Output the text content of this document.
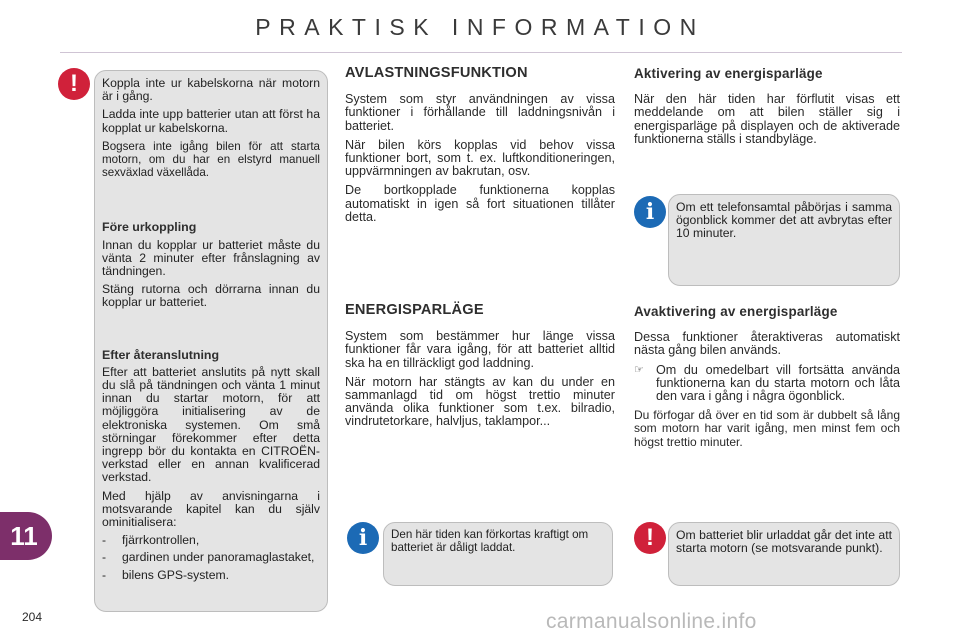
PRAKTISK INFORMATION
11
204
!	Koppla inte ur kabelskorna när motorn är i gång.

Ladda inte upp batterier utan att först ha kopplat ur kabelskorna.

Bogsera inte igång bilen för att starta motorn, om du har en elstyrd manuell sexväxlad växellåda.

Före urkoppling

Innan du kopplar ur batteriet måste du vänta 2 minuter efter frånslagning av tändningen.

Stäng rutorna och dörrarna innan du kopplar ur batteriet.

Efter återanslutning

Efter att batteriet anslutits på nytt skall du slå på tändningen och vänta 1 minut innan du startar motorn, för att möjliggöra initialisering av de elektroniska systemen. Om små störningar förekommer efter detta ingrepp bör du kontakta en CITROËN-verkstad eller en annan kvalificerad verkstad.

Med hjälp av anvisningarna i motsvarande kapitel kan du själv ominitialisera:

- fjärrkontrollen,
- gardinen under panoramaglastaket,
- bilens GPS-system.
AVLASTNINGSFUNKTION

System som styr användningen av vissa funktioner i förhållande till laddningsnivån i batteriet.

När bilen körs kopplas vid behov vissa funktioner bort, som t. ex. luftkonditioneringen, uppvärmningen av bakrutan, osv.

De bortkopplade funktionerna kopplas automatiskt in igen så fort situationen tillåter detta.

ENERGISPARLÄGE

System som bestämmer hur länge vissa funktioner får vara igång, för att batteriet alltid ska ha en tillräckligt god laddning.

När motorn har stängts av kan du under en sammanlagd tid om högst trettio minuter använda olika funktioner som t.ex. bilradio, vindrutetorkare, halvljus, taklampor...

i	Den här tiden kan förkortas kraftigt om batteriet är dåligt laddat.

Aktivering av energisparläge

När den här tiden har förflutit visas ett meddelande om att bilen ställer sig i energisparläge på displayen och de aktiverade funktionerna ställs i standbyläge.

i	Om ett telefonsamtal påbörjas i samma ögonblick kommer det att avbrytas efter 10 minuter.

Avaktivering av energisparläge

Dessa funktioner återaktiveras automatiskt nästa gång bilen används.

☞ Om du omedelbart vill fortsätta använda funktionerna kan du starta motorn och låta den vara i gång i några ögonblick.

Du förfogar då över en tid som är dubbelt så lång som motorn har varit igång, men minst fem och högst trettio minuter.

!	Om batteriet blir urladdat går det inte att starta motorn (se motsvarande punkt).

carmanualsonline.info
